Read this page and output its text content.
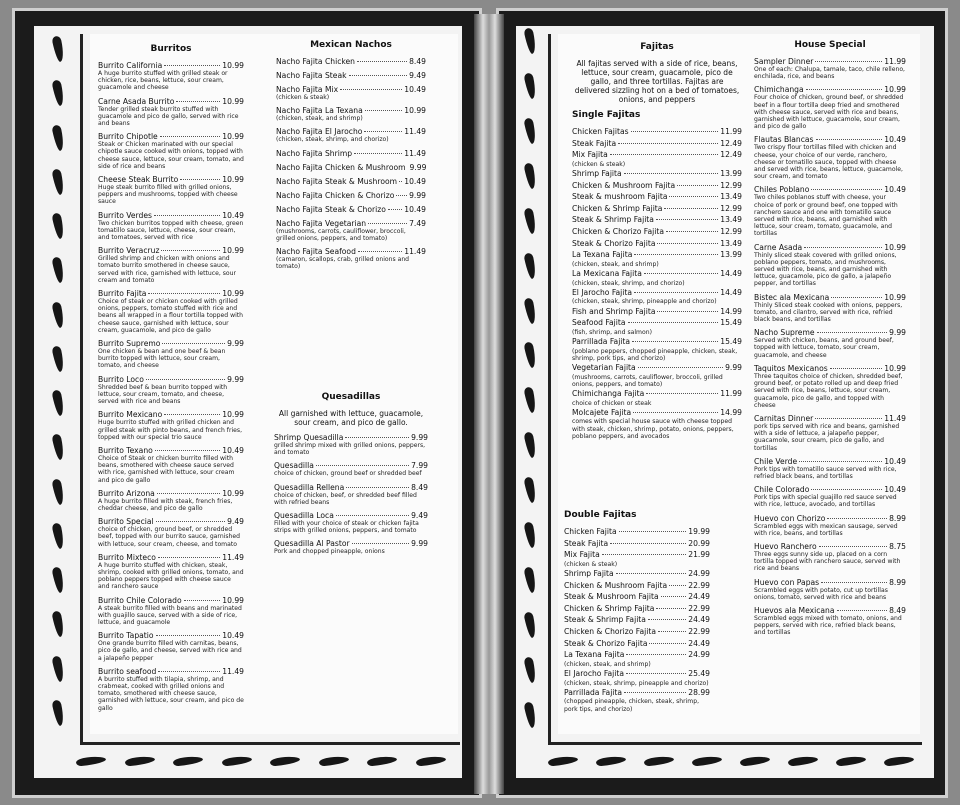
Burritos
Burrito California	10.99
A huge burrito stuffed with grilled steak or chicken, rice, beans, lettuce, sour cream, guacamole and cheese
Carne Asada Burrito	10.99
Tender grilled steak burrito stuffed with guacamole and pico de gallo, served with rice and beans
Burrito Chipotle	10.99
Steak or Chicken marinated with our special chipotle sauce cooked with onions, topped with cheese sauce, lettuce, sour cream, tomato, and side of rice and beans
Cheese Steak Burrito	10.99
Huge steak burrito filled with grilled onions, peppers and mushrooms, topped with cheese sauce
Burrito Verdes	10.49
Two chicken burritos topped with cheese, green tomatillo sauce, lettuce, cheese, sour cream, and tomatoes, served with rice
Burrito Veracruz	10.99
Grilled shrimp and chicken with onions and tomato burrito smothered in cheese sauce, served with rice, garnished with lettuce, sour cream and tomato
Burrito Fajita	10.99
Choice of steak or chicken cooked with grilled onions, peppers, tomato stuffed with rice and beans all wrapped in a flour tortilla topped with cheese sauce, garnished with lettuce, sour cream, guacamole, and pico de gallo
Burrito Supremo	9.99
One chicken & bean and one beef & bean burrito topped with lettuce, sour cream, tomato, and cheese
Burrito Loco	9.99
Shredded beef & bean burrito topped with lettuce, sour cream, tomato, and cheese, served with rice and beans
Burrito Mexicano	10.99
Huge burrito stuffed with grilled chicken and grilled steak with pinto beans, and french fries, topped with our special trio sauce
Burrito Texano	10.49
Choice of Steak or chicken burrito filled with beans, smothered with cheese sauce served with rice, garnished with lettuce, sour cream and pico de gallo
Burrito Arizona	10.99
A huge burrito filled with steak, french fries, cheddar cheese, and pico de gallo
Burrito Special	9.49
choice of chicken, ground beef, or shredded beef, topped with our burrito sauce, garnished with lettuce, sour cream, cheese, and tomato
Burrito Mixteco	11.49
A huge burrito stuffed with chicken, steak, shrimp, cooked with grilled onions, tomato, and poblano peppers topped with cheese sauce and ranchero sauce
Burrito Chile Colorado	10.99
A steak burrito filled with beans and marinated with guajillo sauce, served with a side of rice, lettuce, and guacamole
Burrito Tapatio	10.49
One grande burrito filled with carnitas, beans, pico de gallo, and cheese, served with rice and a jalapeño pepper
Burrito seafood	11.49
A burrito stuffed with tilapia, shrimp, and crabmeat, cooked with grilled onions and tomato, smothered with cheese sauce, garnished with lettuce, sour cream, and pico de gallo
Mexican Nachos
Nacho Fajita Chicken	8.49
Nacho Fajita Steak	9.49
Nacho Fajita Mix	10.49
(chicken & steak)
Nacho Fajita La Texana	10.99
(chicken, steak, and shrimp)
Nacho Fajita El Jarocho	11.49
(chicken, steak, shrimp, and chorizo)
Nacho Fajita Shrimp	11.49
Nacho Fajita Chicken & Mushroom 9.99
Nacho Fajita Steak & Mushroom 10.49
Nacho Fajita Chicken & Chorizo 9.99
Nacho Fajita Steak & Chorizo 10.49
Nacho Fajita Vegetarian	7.49
(mushrooms, carrots, cauliflower, broccoli, grilled onions, peppers, and tomato)
Nacho Fajita Seafood	11.49
(camaron, scallops, crab, grilled onions and tomato)
Quesadillas
All garnished with lettuce, guacamole, sour cream, and pico de gallo.
Shrimp Quesadilla	9.99
grilled shrimp mixed with grilled onions, peppers, and tomato
Quesadilla	7.99
choice of chicken, ground beef or shredded beef
Quesadilla Rellena	8.49
choice of chicken, beef, or shredded beef filled with refried beans
Quesadilla Loca	9.49
Filled with your choice of steak or chicken fajita strips with grilled onions, peppers, and tomato
Quesadilla Al Pastor	9.99
Pork and chopped pineapple, onions
Fajitas
All fajitas served with a side of rice, beans, lettuce, sour cream, guacamole, pico de gallo, and three tortillas. Fajitas are delivered sizzling hot on a bed of tomatoes, onions, and peppers
Single Fajitas
Chicken Fajitas	11.99
Steak Fajita	12.49
Mix Fajita	12.49
(chicken & steak)
Shrimp Fajita	13.99
Chicken & Mushroom Fajita	12.99
Steak & mushroom Fajita	13.49
Chicken & Shrimp Fajita	12.99
Steak & Shrimp Fajita	13.49
Chicken & Chorizo Fajita	12.99
Steak & Chorizo Fajita	13.49
La Texana Fajita	13.99
(chicken, steak, and shrimp)
La Mexicana Fajita	14.49
(chicken, steak, shrimp, and chorizo)
El Jarocho Fajita	14.49
(chicken, steak, shrimp, pineapple and chorizo)
Fish and Shrimp Fajita	14.99
Seafood Fajita	15.49
(fish, shrimp, and salmon)
Parrillada Fajita	15.49
(poblano peppers, chopped pineapple, chicken, steak, shrimp, pork tips, and chorizo)
Vegetarian Fajita	9.99
(mushrooms, carrots, cauliflower, broccoli, grilled onions, peppers, and tomato)
Chimichanga Fajita	11.99
choice of chicken or steak
Molcajete Fajita	14.99
comes with special house sauce with cheese topped with steak, chicken, shrimp, potato, onions, peppers, poblano peppers, and avocados
Double Fajitas
Chicken Fajita	19.99
Steak Fajita	20.99
Mix Fajita	21.99
(chicken & steak)
Shrimp Fajita	24.99
Chicken & Mushroom Fajita	22.99
Steak & Mushroom Fajita	24.49
Chicken & Shrimp Fajita	22.99
Steak & Shrimp Fajita	24.49
Chicken & Chorizo Fajita	22.99
Steak & Chorizo Fajita	24.49
La Texana Fajita	24.99
(chicken, steak, and shrimp)
El Jarocho Fajita	25.49
(chicken, steak, shrimp, pineapple and chorizo)
Parrillada Fajita	28.99
(chopped pineapple, chicken, steak, shrimp, pork tips, and chorizo)
House Special
Sampler Dinner	11.99
One of each: Chalupa, tamale, taco, chile relleno, enchilada, rice, and beans
Chimichanga	10.99
Four choice of chicken, ground beef, or shredded beef in a flour tortilla deep fried and smothered with cheese sauce, served with rice and beans, garnished with lettuce, guacamole, sour cream, and pico de gallo
Flautas Blancas	10.49
Two crispy flour tortillas filled with chicken and cheese, your choice of our verde, ranchero, cheese or tomatillo sauce, topped with cheese and served with rice, beans, lettuce, guacamole, sour cream, and tomato
Chiles Poblano	10.49
Two chiles poblanos stuff with cheese, your choice of pork or ground beef, one topped with ranchero sauce and one with tomatillo sauce served with rice, beans, and garnished with lettuce, sour cream, tomato, guacamole, and tortillas
Carne Asada	10.99
Thinly sliced steak covered with grilled onions, poblano peppers, tomato, and mushrooms, served with rice, beans, and garnished with lettuce, guacamole, pico de gallo, a jalapeño pepper, and tortillas
Bistec ala Mexicana	10.99
Thinly Sliced steak cooked with onions, peppers, tomato, and cilantro, served with rice, refried black beans, and tortillas
Nacho Supreme	9.99
Served with chicken, beans, and ground beef, topped with lettuce, tomato, sour cream, guacamole, and cheese
Taquitos Mexicanos	10.99
Three taquitos choice of chicken, shredded beef, ground beef, or potato rolled up and deep fried served with rice, beans, lettuce, sour cream, guacamole, pico de gallo, and topped with cheese
Carnitas Dinner	11.49
pork tips served with rice and beans, garnished with a side of lettuce, a jalapeño pepper, guacamole, sour cream, pico de gallo, and tortillas
Chile Verde	10.49
Pork tips with tomatillo sauce served with rice, refried black beans, and tortillas
Chile Colorado	10.49
Pork tips with special guajillo red sauce served with rice, lettuce, avocado, and tortillas
Huevo con Chorizo	8.99
Scrambled eggs with mexican sausage, served with rice, beans, and tortillas
Huevo Ranchero	8.75
Three eggs sunny side up, placed on a corn tortilla topped with ranchero sauce, served with rice and beans
Huevo con Papas	8.99
Scrambled eggs with potato, cut up tortillas onions, tomato, served with rice and beans
Huevos ala Mexicana	8.49
Scrambled eggs mixed with tomato, onions, and peppers, served with rice, refried black beans, and tortillas
